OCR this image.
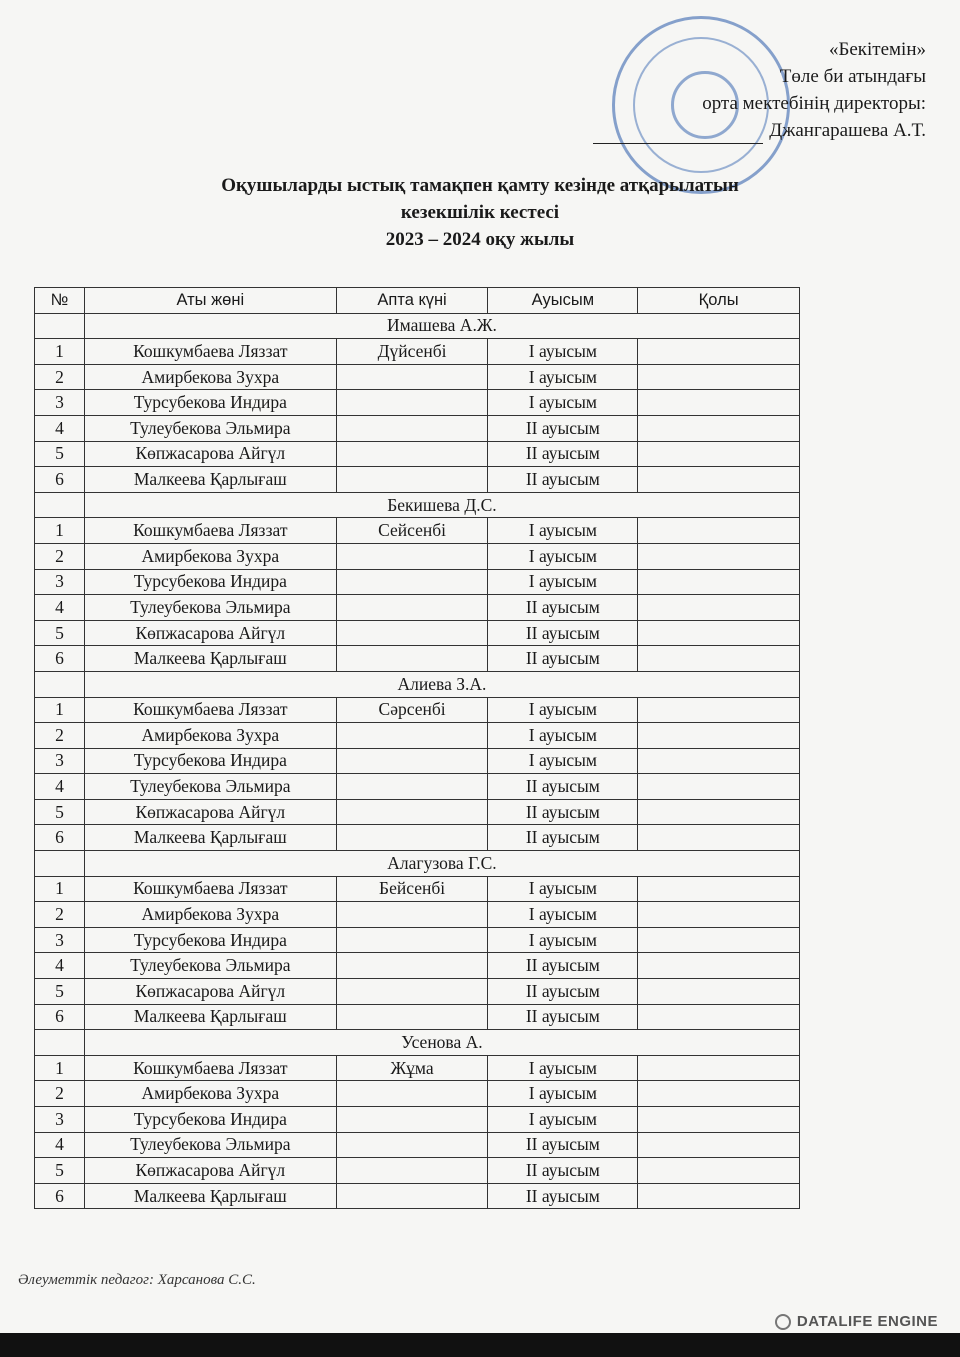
«Бекітемін»
Төле би атындағы
орта мектебінің директоры:
Джангарашева А.Т.
Оқушыларды ыстық тамақпен қамту кезінде атқарылатын
кезекшілік кестесі
2023 – 2024 оқу жылы
№	Аты жөні	Апта күні	Ауысым	Қолы
	Имашева А.Ж.			
1	Кошкумбаева Ляззат	Дүйсенбі	I ауысым	
2	Амирбекова Зухра		I ауысым	
3	Турсубекова Индира		I ауысым	
4	Тулеубекова Эльмира		II ауысым	
5	Көпжасарова Айгүл		II ауысым	
6	Малкеева Қарлығаш		II ауысым	
	Бекишева Д.С.			
1	Кошкумбаева Ляззат	Сейсенбі	I ауысым	
2	Амирбекова Зухра		I ауысым	
3	Турсубекова Индира		I ауысым	
4	Тулеубекова Эльмира		II ауысым	
5	Көпжасарова Айгүл		II ауысым	
6	Малкеева Қарлығаш		II ауысым	
	Алиева З.А.			
1	Кошкумбаева Ляззат	Сәрсенбі	I ауысым	
2	Амирбекова Зухра		I ауысым	
3	Турсубекова Индира		I ауысым	
4	Тулеубекова Эльмира		II ауысым	
5	Көпжасарова Айгүл		II ауысым	
6	Малкеева Қарлығаш		II ауысым	
	Алагузова Г.С.			
1	Кошкумбаева Ляззат	Бейсенбі	I ауысым	
2	Амирбекова Зухра		I ауысым	
3	Турсубекова Индира		I ауысым	
4	Тулеубекова Эльмира		II ауысым	
5	Көпжасарова Айгүл		II ауысым	
6	Малкеева Қарлығаш		II ауысым	
	Усенова А.			
1	Кошкумбаева Ляззат	Жұма	I ауысым	
2	Амирбекова Зухра		I ауысым	
3	Турсубекова Индира		I ауысым	
4	Тулеубекова Эльмира		II ауысым	
5	Көпжасарова Айгүл		II ауысым	
6	Малкеева Қарлығаш		II ауысым	
Әлеуметтік педагог: Харсанова С.С.
DATALIFE ENGINE
